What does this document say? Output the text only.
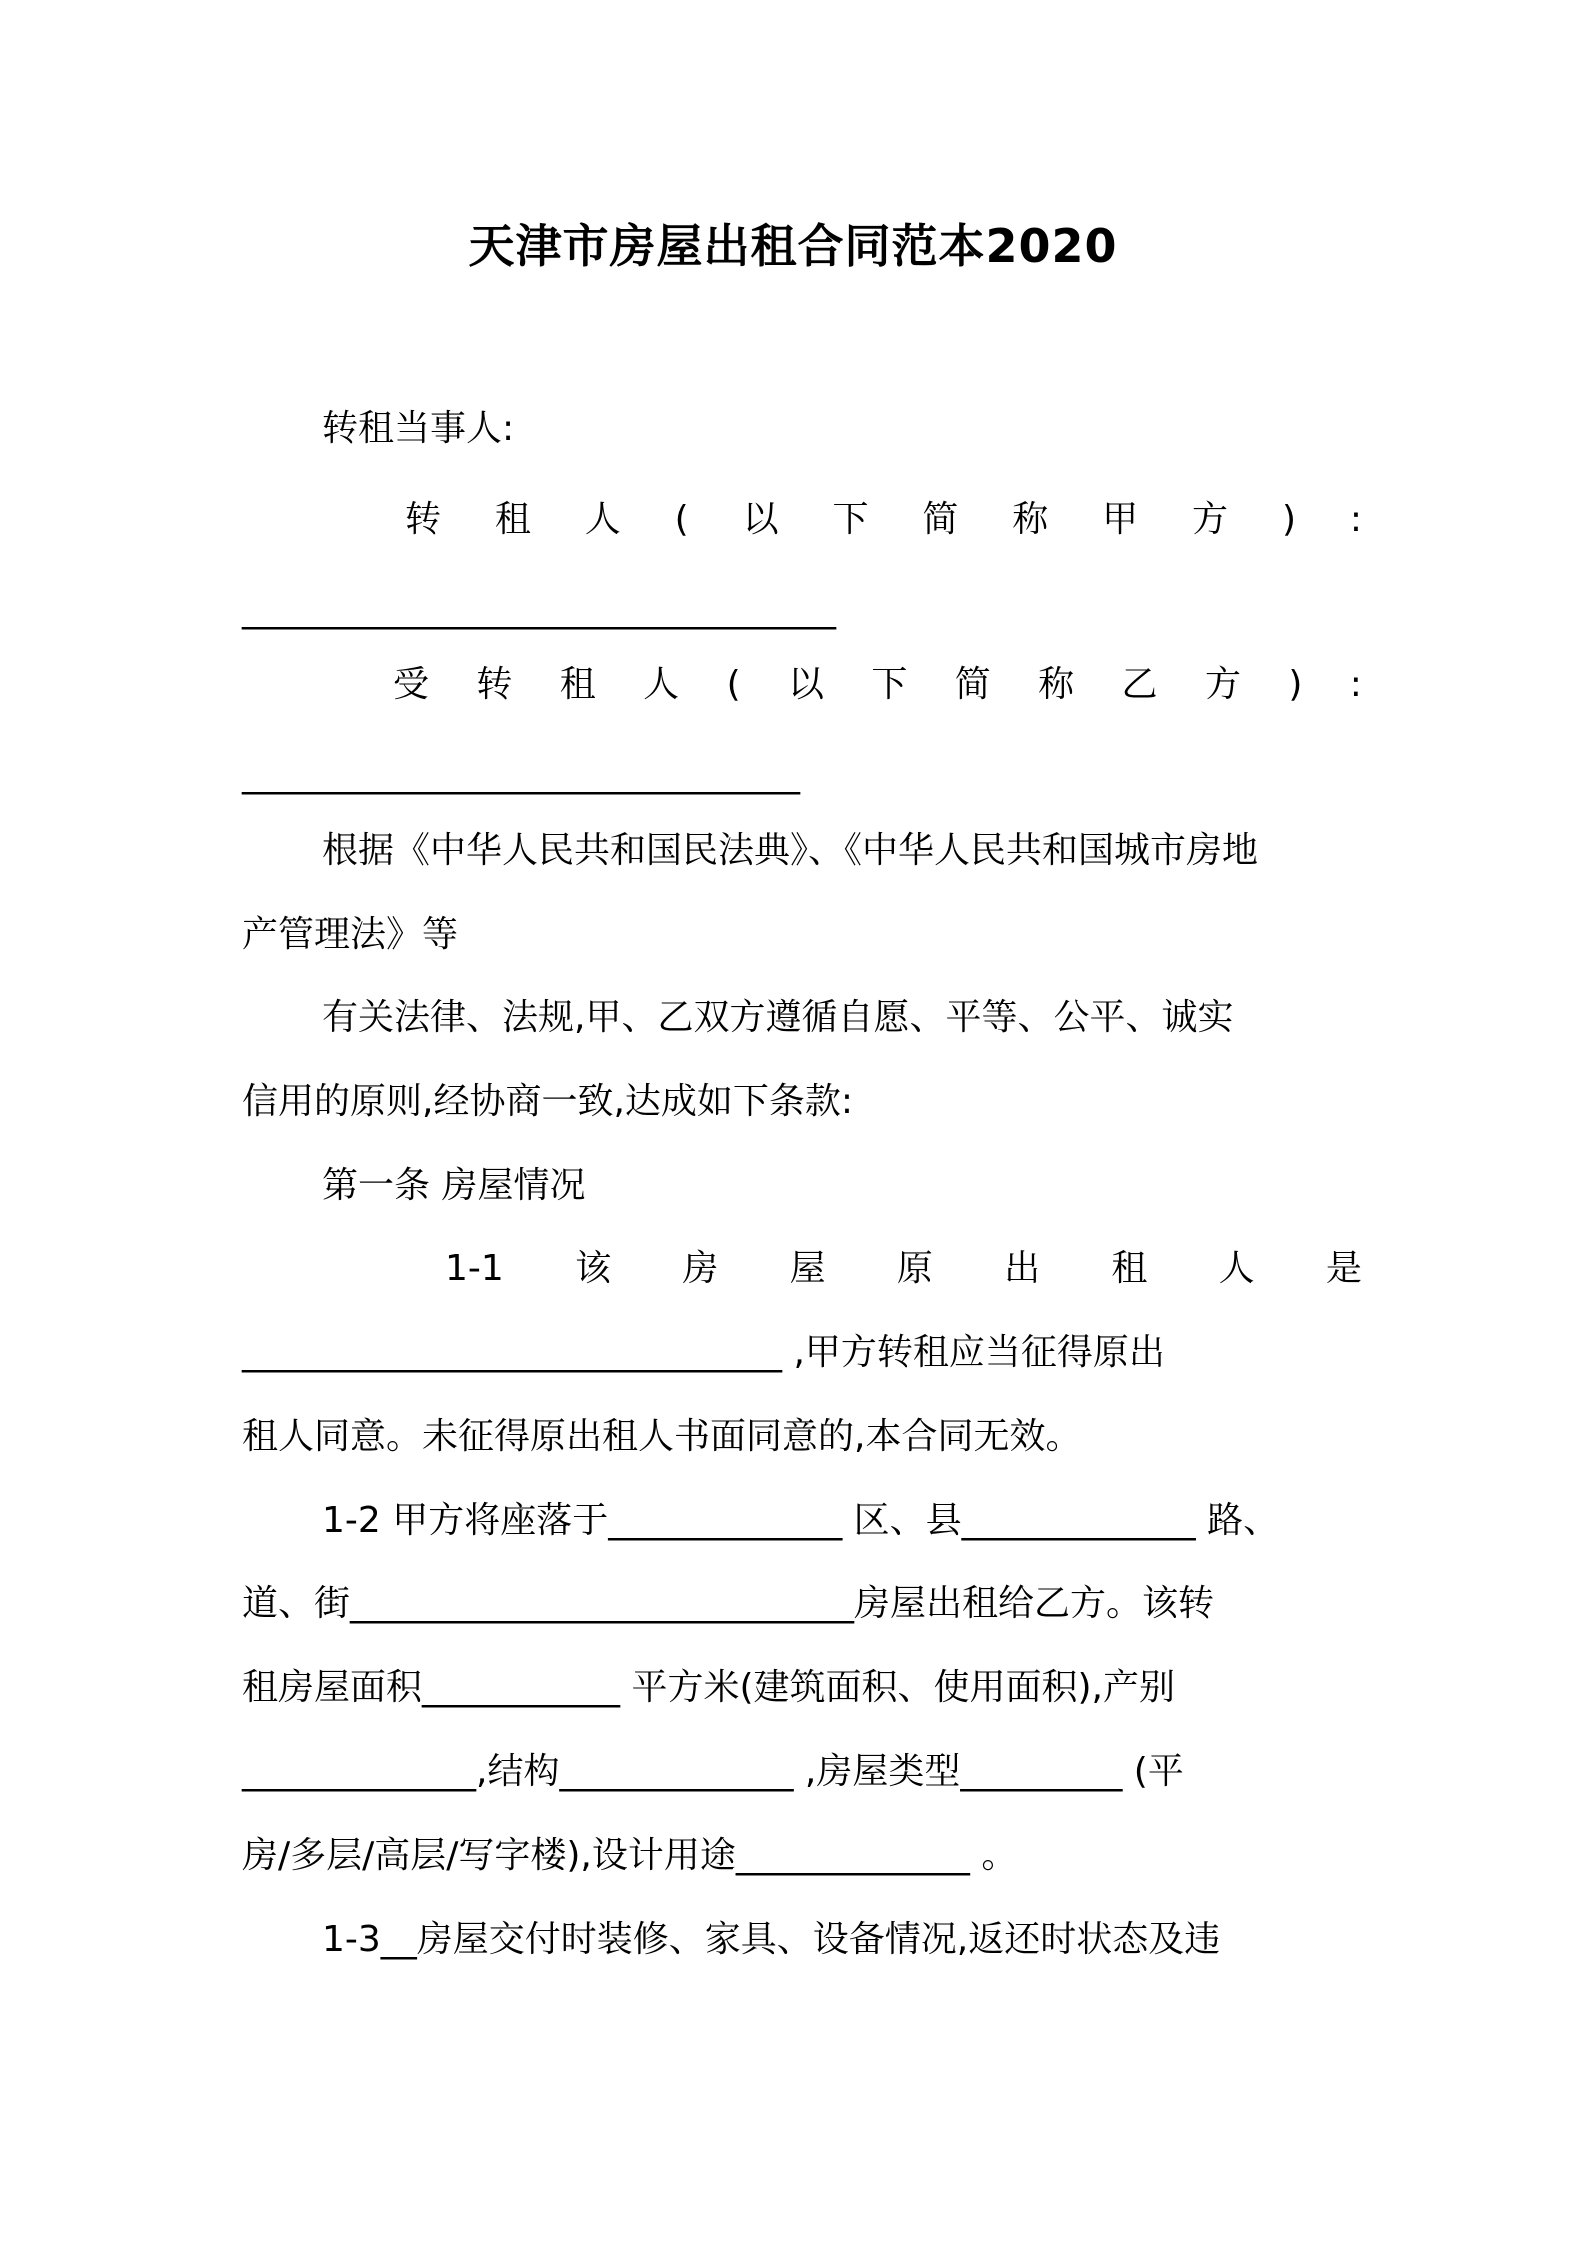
天津市房屋出租合同范本2020
转租当事人:
转 租 人 ( 以 下 简 称 甲 方 ) :
_________________________________
受 转 租 人 ( 以 下 简 称 乙 方 ) :
_______________________________
根据《中华人民共和国民法典》、《中华人民共和国城市房地
产管理法》等
有关法律、法规,甲、乙双方遵循自愿、平等、公平、诚实
信用的原则,经协商一致,达成如下条款:
第一条 房屋情况
1-1 该 房 屋 原 出 租 人 是
______________________________ ,甲方转租应当征得原出
租人同意。未征得原出租人书面同意的,本合同无效。
1-2 甲方将座落于_____________ 区、县_____________ 路、
道、街____________________________房屋出租给乙方。该转
租房屋面积___________ 平方米(建筑面积、使用面积),产别
_____________,结构_____________ ,房屋类型_________ (平
房/多层/高层/写字楼),设计用途_____________ 。
1-3__房屋交付时装修、家具、设备情况,返还时状态及违
